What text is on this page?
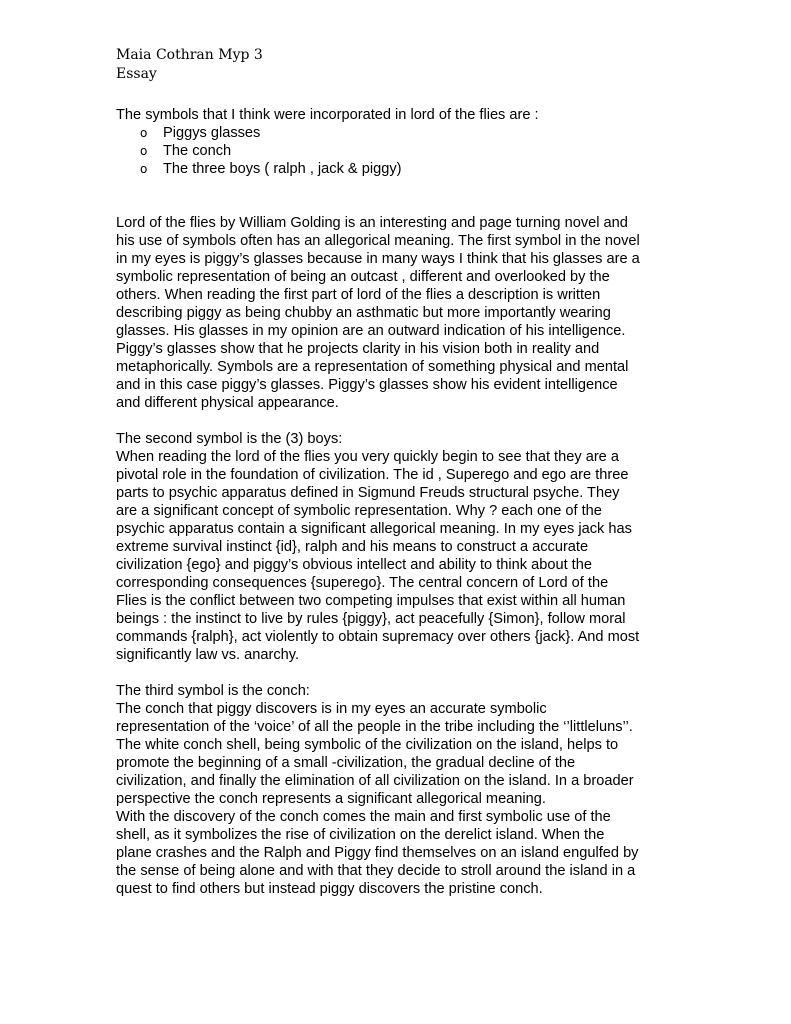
Maia Cothran Myp 3

Essay

The symbols that I think were incorporated in lord of the flies are :

o Piggys glasses
o The conch
o The three boys ( ralph , jack & piggy)
Lord of the flies by William Golding is an interesting and page turning novel and
his use of symbols often has an allegorical meaning. The first symbol in the novel
in my eyes is piggy’s glasses because in many ways I think that his glasses are a
symbolic representation of being an outcast , different and overlooked by the
others. When reading the first part of lord of the flies a description is written
describing piggy as being chubby an asthmatic but more importantly wearing
glasses. His glasses in my opinion are an outward indication of his intelligence.
Piggy’s glasses show that he projects clarity in his vision both in reality and
metaphorically. Symbols are a representation of something physical and mental
and in this case piggy’s glasses. Piggy’s glasses show his evident intelligence
and different physical appearance.
The second symbol is the (3) boys:
When reading the lord of the flies you very quickly begin to see that they are a
pivotal role in the foundation of civilization. The id , Superego and ego are three
parts to psychic apparatus defined in Sigmund Freuds structural psyche. They
are a significant concept of symbolic representation. Why ? each one of the
psychic apparatus contain a significant allegorical meaning. In my eyes jack has
extreme survival instinct {id}, ralph and his means to construct a accurate
civilization {ego} and piggy’s obvious intellect and ability to think about the
corresponding consequences {superego}. The central concern of Lord of the
Flies is the conflict between two competing impulses that exist within all human
beings : the instinct to live by rules {piggy}, act peacefully {Simon}, follow moral
commands {ralph}, act violently to obtain supremacy over others {jack}. And most
significantly law vs. anarchy.
The third symbol is the conch:
The conch that piggy discovers is in my eyes an accurate symbolic
representation of the ‘voice’ of all the people in the tribe including the ‘’littleluns’’.
The white conch shell, being symbolic of the civilization on the island, helps to
promote the beginning of a small -civilization, the gradual decline of the
civilization, and finally the elimination of all civilization on the island. In a broader
perspective the conch represents a significant allegorical meaning.
With the discovery of the conch comes the main and first symbolic use of the
shell, as it symbolizes the rise of civilization on the derelict island. When the
plane crashes and the Ralph and Piggy find themselves on an island engulfed by
the sense of being alone and with that they decide to stroll around the island in a
quest to find others but instead piggy discovers the pristine conch.
